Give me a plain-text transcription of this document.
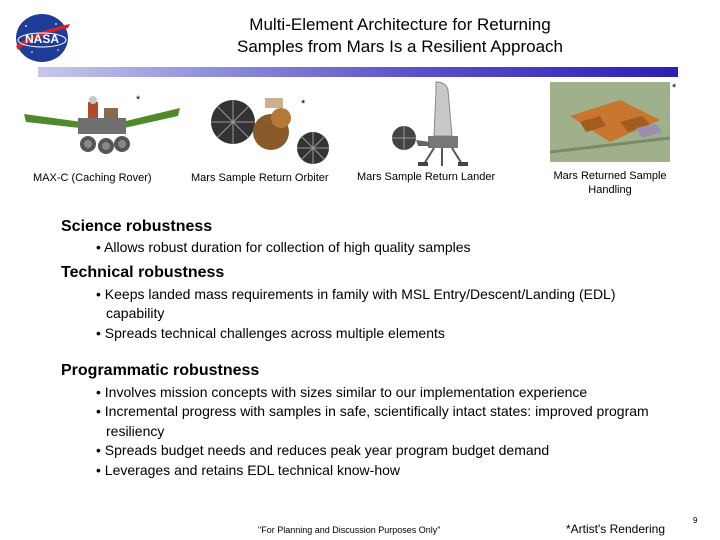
NASA
Multi-Element Architecture for Returning
Samples from Mars Is a Resilient Approach
*
*	*
MAX-C (Caching Rover)	Mars Sample Return Orbiter	Mars Sample Return Lander	Mars Returned Sample
Handling
Science robustness
• Allows robust duration for collection of high quality samples
Technical robustness
• Keeps landed mass requirements in family with MSL Entry/Descent/Landing (EDL) capability
• Spreads technical challenges across multiple elements
Programmatic robustness
• Involves mission concepts with sizes similar to our implementation experience
• Incremental progress with samples in safe, scientifically intact states: improved program resiliency
• Spreads budget needs and reduces peak year program budget demand
• Leverages and retains EDL technical know-how
"For Planning and Discussion Purposes Only"	*Artist's Rendering
9
